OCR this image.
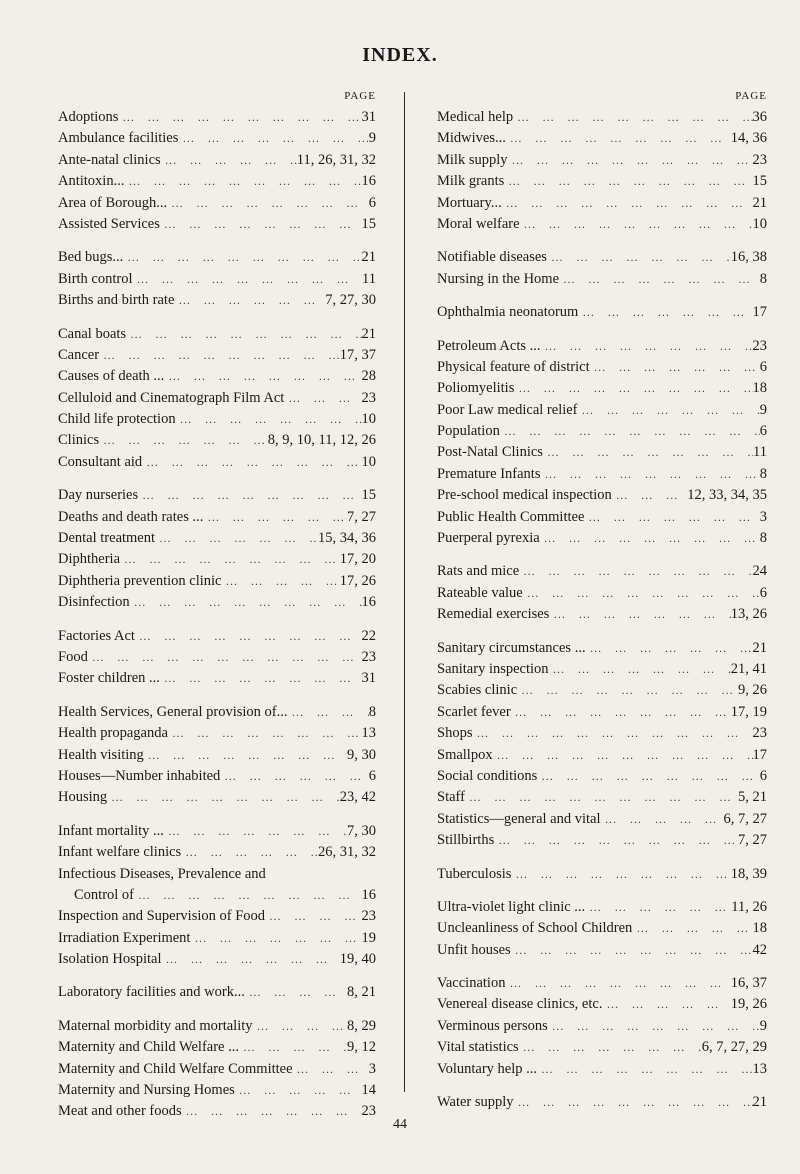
INDEX.
PAGE
Adoptions … … … … … … … … … … … … … … … … … … …	31
Ambulance facilities … … … … … … … … … … … … … … … … … … …	9
Ante-natal clinics … … … … … … … … … … … … … … … … … … …	11, 26, 31, 32
Antitoxin... … … … … … … … … … … … … … … … … … … …	16
Area of Borough... … … … … … … … … … … … … … … … … … … …	6
Assisted Services … … … … … … … … … … … … … … … … … … …	15
Bed bugs... … … … … … … … … … … … … … … … … … … …	21
Birth control … … … … … … … … … … … … … … … … … … …	11
Births and birth rate … … … … … … … … … … … … … … … … … … …	7, 27, 30
Canal boats … … … … … … … … … … … … … … … … … … …	21
Cancer … … … … … … … … … … … … … … … … … … …	17, 37
Causes of death ... … … … … … … … … … … … … … … … … … … …	28
Celluloid and Cinematograph Film Act … … … … … … … … … … … … … … … … … … …	23
Child life protection … … … … … … … … … … … … … … … … … … …	10
Clinics … … … … … … … … … … … … … … … … … … …	8, 9, 10, 11, 12, 26
Consultant aid … … … … … … … … … … … … … … … … … … …	10
Day nurseries … … … … … … … … … … … … … … … … … … …	15
Deaths and death rates ... … … … … … … … … … … … … … … … … … … …	7, 27
Dental treatment … … … … … … … … … … … … … … … … … … …	15, 34, 36
Diphtheria … … … … … … … … … … … … … … … … … … …	17, 20
Diphtheria prevention clinic … … … … … … … … … … … … … … … … … … …	17, 26
Disinfection … … … … … … … … … … … … … … … … … … …	16
Factories Act … … … … … … … … … … … … … … … … … … …	22
Food … … … … … … … … … … … … … … … … … … …	23
Foster children ... … … … … … … … … … … … … … … … … … … …	31
Health Services, General provision of... … … … … … … … … … … … … … … … … … … …	8
Health propaganda … … … … … … … … … … … … … … … … … … …	13
Health visiting … … … … … … … … … … … … … … … … … … …	9, 30
Houses—Number inhabited … … … … … … … … … … … … … … … … … … …	6
Housing … … … … … … … … … … … … … … … … … … …	23, 42
Infant mortality ... … … … … … … … … … … … … … … … … … … …	7, 30
Infant welfare clinics … … … … … … … … … … … … … … … … … … …	26, 31, 32
Infectious Diseases, Prevalence and
Control of … … … … … … … … … … … … … … … … … … …	16
Inspection and Supervision of Food … … … … … … … … … … … … … … … … … … …	23
Irradiation Experiment … … … … … … … … … … … … … … … … … … …	19
Isolation Hospital … … … … … … … … … … … … … … … … … … …	19, 40
Laboratory facilities and work... … … … … … … … … … … … … … … … … … … …	8, 21
Maternal morbidity and mortality … … … … … … … … … … … … … … … … … … …	8, 29
Maternity and Child Welfare ... … … … … … … … … … … … … … … … … … … …	9, 12
Maternity and Child Welfare Committee … … … … … … … … … … … … … … … … … … …	3
Maternity and Nursing Homes … … … … … … … … … … … … … … … … … … …	14
Meat and other foods … … … … … … … … … … … … … … … … … … …	23
PAGE
Medical help … … … … … … … … … … … … … … … … … … …	36
Midwives... … … … … … … … … … … … … … … … … … … …	14, 36
Milk supply … … … … … … … … … … … … … … … … … … …	23
Milk grants … … … … … … … … … … … … … … … … … … …	15
Mortuary... … … … … … … … … … … … … … … … … … … …	21
Moral welfare … … … … … … … … … … … … … … … … … … …	10
Notifiable diseases … … … … … … … … … … … … … … … … … … …	16, 38
Nursing in the Home … … … … … … … … … … … … … … … … … … …	8
Ophthalmia neonatorum … … … … … … … … … … … … … … … … … … …	17
Petroleum Acts ... … … … … … … … … … … … … … … … … … … …	23
Physical feature of district … … … … … … … … … … … … … … … … … … …	6
Poliomyelitis … … … … … … … … … … … … … … … … … … …	18
Poor Law medical relief … … … … … … … … … … … … … … … … … … …	9
Population … … … … … … … … … … … … … … … … … … …	6
Post-Natal Clinics … … … … … … … … … … … … … … … … … … …	11
Premature Infants … … … … … … … … … … … … … … … … … … …	8
Pre-school medical inspection … … … … … … … … … … … … … … … … … … …	12, 33, 34, 35
Public Health Committee … … … … … … … … … … … … … … … … … … …	3
Puerperal pyrexia … … … … … … … … … … … … … … … … … … …	8
Rats and mice … … … … … … … … … … … … … … … … … … …	24
Rateable value … … … … … … … … … … … … … … … … … … …	6
Remedial exercises … … … … … … … … … … … … … … … … … … …	13, 26
Sanitary circumstances ... … … … … … … … … … … … … … … … … … … …	21
Sanitary inspection … … … … … … … … … … … … … … … … … … …	21, 41
Scabies clinic … … … … … … … … … … … … … … … … … … …	9, 26
Scarlet fever … … … … … … … … … … … … … … … … … … …	17, 19
Shops … … … … … … … … … … … … … … … … … … …	23
Smallpox … … … … … … … … … … … … … … … … … … …	17
Social conditions … … … … … … … … … … … … … … … … … … …	6
Staff … … … … … … … … … … … … … … … … … … …	5, 21
Statistics—general and vital … … … … … … … … … … … … … … … … … … …	6, 7, 27
Stillbirths … … … … … … … … … … … … … … … … … … …	7, 27
Tuberculosis … … … … … … … … … … … … … … … … … … …	18, 39
Ultra-violet light clinic ... … … … … … … … … … … … … … … … … … … …	11, 26
Uncleanliness of School Children … … … … … … … … … … … … … … … … … … …	18
Unfit houses … … … … … … … … … … … … … … … … … … …	42
Vaccination … … … … … … … … … … … … … … … … … … …	16, 37
Venereal disease clinics, etc. … … … … … … … … … … … … … … … … … … …	19, 26
Verminous persons … … … … … … … … … … … … … … … … … … …	9
Vital statistics … … … … … … … … … … … … … … … … … … …	6, 7, 27, 29
Voluntary help ... … … … … … … … … … … … … … … … … … … …	13
Water supply … … … … … … … … … … … … … … … … … … …	21
44
